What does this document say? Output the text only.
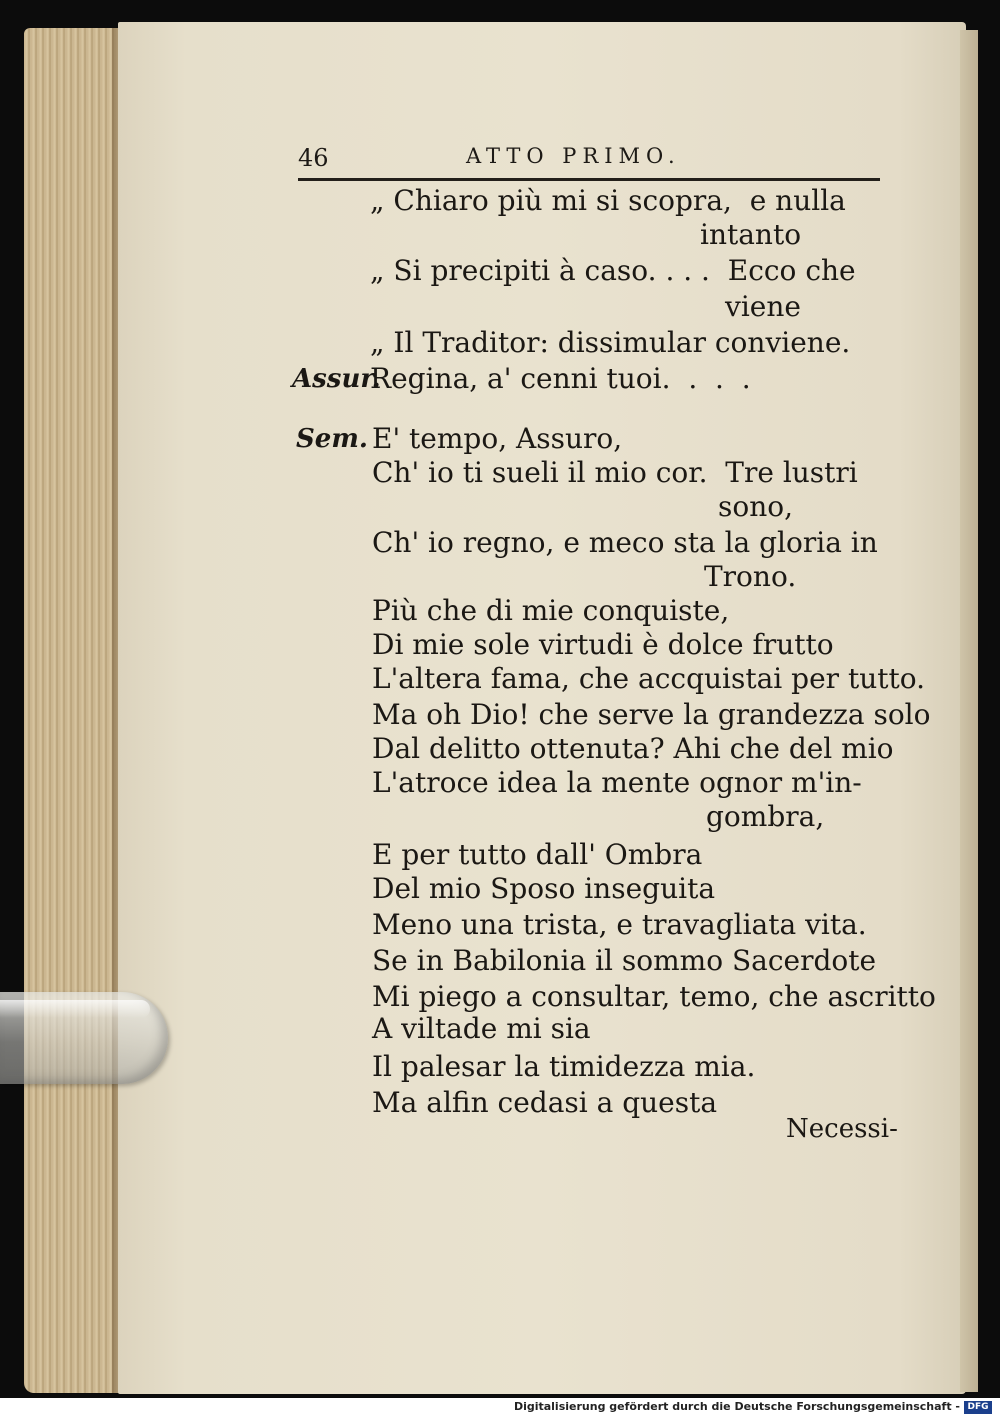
46	ATTO PRIMO.
„ Chiaro più mi si scopra,  e nulla
intanto
„ Si precipiti à caso. . . .  Ecco che
viene
„ Il Traditor: dissimular conviene.
Assur.
Regina, a' cenni tuoi.  .  .  .
Sem. E' tempo, Assuro,
Ch' io ti sueli il mio cor.  Tre lustri
sono,
Ch' io regno, e meco sta la gloria in
Trono.
Più che di mie conquiste,
Di mie sole virtudi è dolce frutto
L'altera fama, che accquistai per tutto.
Ma oh Dio! che serve la grandezza solo
Dal delitto ottenuta? Ahi che del mio
L'atroce idea la mente ognor m'in-
gombra,
E per tutto dall' Ombra
Del mio Sposo inseguita
Meno una trista, e travagliata vita.
Se in Babilonia il sommo Sacerdote
Mi piego a consultar, temo, che ascritto
A viltade mi sia
Il palesar la timidezza mia.
Ma alfin cedasi a questa
Necessi-
Digitalisierung gefördert durch die Deutsche Forschungsgemeinschaft - DFG
